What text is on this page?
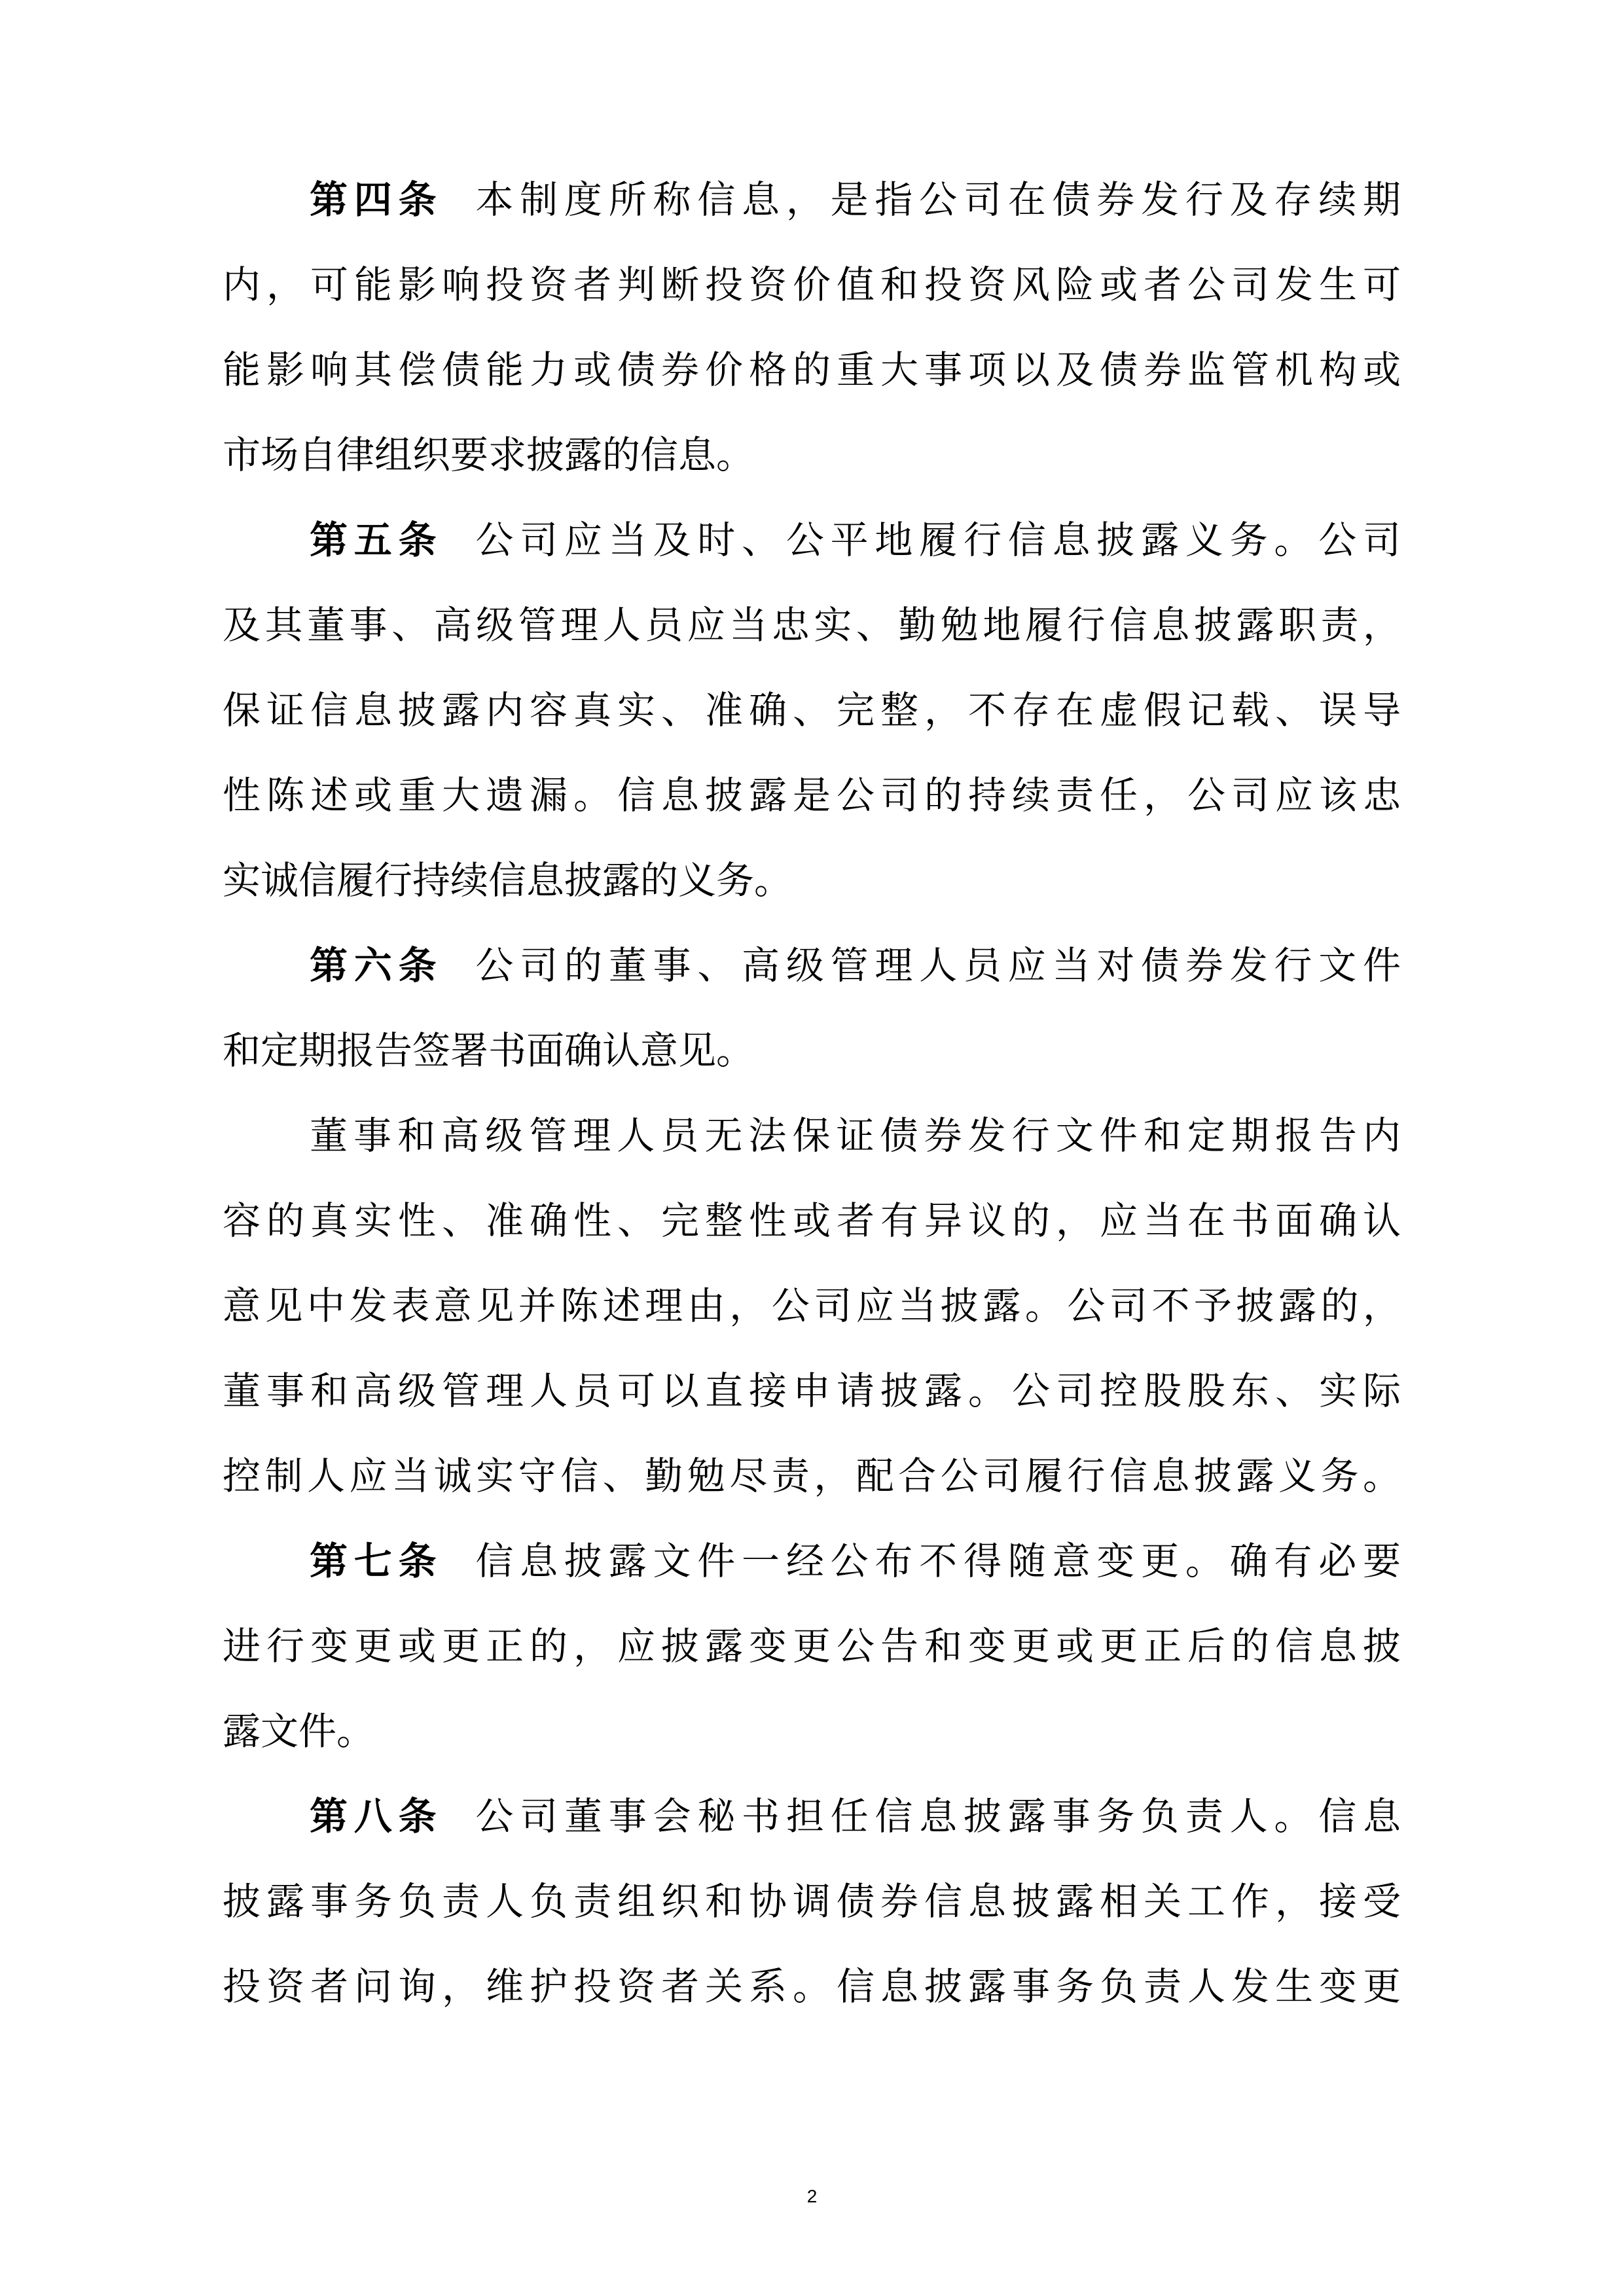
第四条 本制度所称信息，是指公司在债券发行及存续期
内，可能影响投资者判断投资价值和投资风险或者公司发生可
能影响其偿债能力或债券价格的重大事项以及债券监管机构或
市场自律组织要求披露的信息。
第五条 公司应当及时、公平地履行信息披露义务。公司
及其董事、高级管理人员应当忠实、勤勉地履行信息披露职责，
保证信息披露内容真实、准确、完整，不存在虚假记载、误导
性陈述或重大遗漏。信息披露是公司的持续责任，公司应该忠
实诚信履行持续信息披露的义务。
第六条 公司的董事、高级管理人员应当对债券发行文件
和定期报告签署书面确认意见。
董事和高级管理人员无法保证债券发行文件和定期报告内
容的真实性、准确性、完整性或者有异议的，应当在书面确认
意见中发表意见并陈述理由，公司应当披露。公司不予披露的，
董事和高级管理人员可以直接申请披露。公司控股股东、实际
控制人应当诚实守信、勤勉尽责，配合公司履行信息披露义务。
第七条 信息披露文件一经公布不得随意变更。确有必要
进行变更或更正的，应披露变更公告和变更或更正后的信息披
露文件。
第八条 公司董事会秘书担任信息披露事务负责人。信息
披露事务负责人负责组织和协调债券信息披露相关工作，接受
投资者问询，维护投资者关系。信息披露事务负责人发生变更
2
